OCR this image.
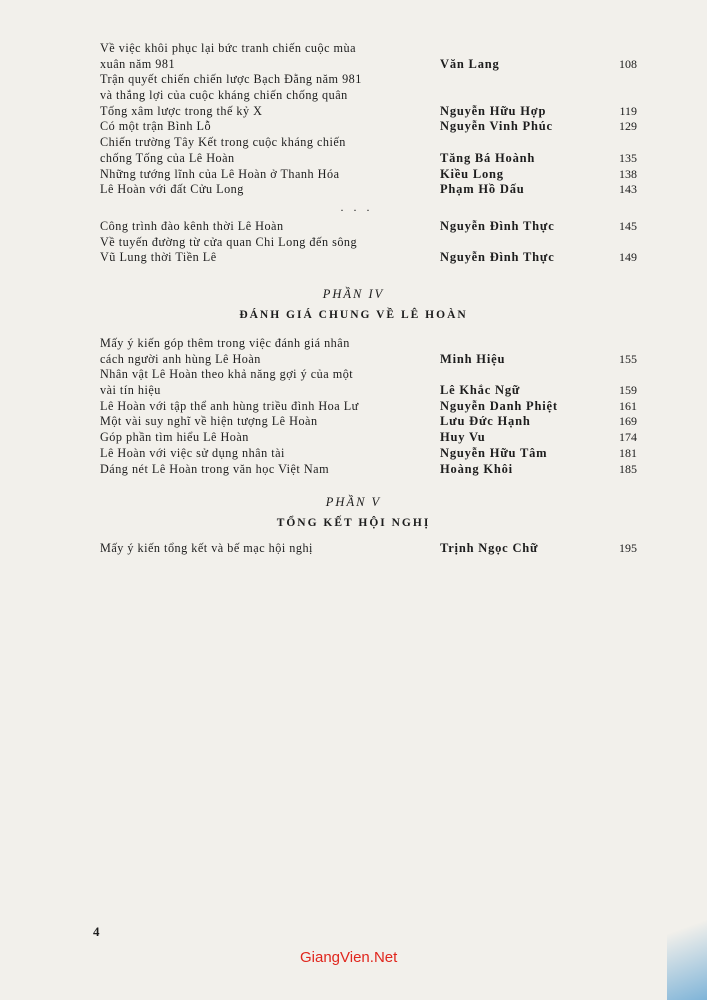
Về việc khôi phục lại bức tranh chiến cuộc mùa
xuân năm 981	Văn Lang	108
Trận quyết chiến chiến lược Bạch Đằng năm 981
và thắng lợi của cuộc kháng chiến chống quân
Tống xâm lược trong thế kỷ X	Nguyễn Hữu Hợp	119
Có một trận Bình Lỗ	Nguyễn Vinh Phúc	129
Chiến trường Tây Kết trong cuộc kháng chiến
chống Tống của Lê Hoàn	Tăng Bá Hoành	135
Những tướng lĩnh của Lê Hoàn ở Thanh Hóa	Kiều Long	138
Lê Hoàn với đất Cửu Long	Phạm Hồ Dấu	143
· · ·
Công trình đào kênh thời Lê Hoàn	Nguyễn Đình Thực	145
Về tuyến đường từ cửa quan Chi Long đến sông
Vũ Lung thời Tiền Lê	Nguyễn Đình Thực	149
PHẦN IV
ĐÁNH GIÁ CHUNG VỀ LÊ HOÀN
Mấy ý kiến góp thêm trong việc đánh giá nhân
cách người anh hùng Lê Hoàn	Minh Hiệu	155
Nhân vật Lê Hoàn theo khả năng gợi ý của một
vài tín hiệu	Lê Khắc Ngữ	159
Lê Hoàn với tập thể anh hùng triều đình Hoa Lư	Nguyễn Danh Phiệt	161
Một vài suy nghĩ về hiện tượng Lê Hoàn	Lưu Đức Hạnh	169
Góp phần tìm hiểu Lê Hoàn	Huy Vu	174
Lê Hoàn với việc sử dụng nhân tài	Nguyễn Hữu Tâm	181
Dáng nét Lê Hoàn trong văn học Việt Nam	Hoàng Khôi	185
PHẦN V
TỔNG KẾT HỘI NGHỊ
Mấy ý kiến tổng kết và bế mạc hội nghị	Trịnh Ngọc Chữ	195
4
GiangVien.Net
